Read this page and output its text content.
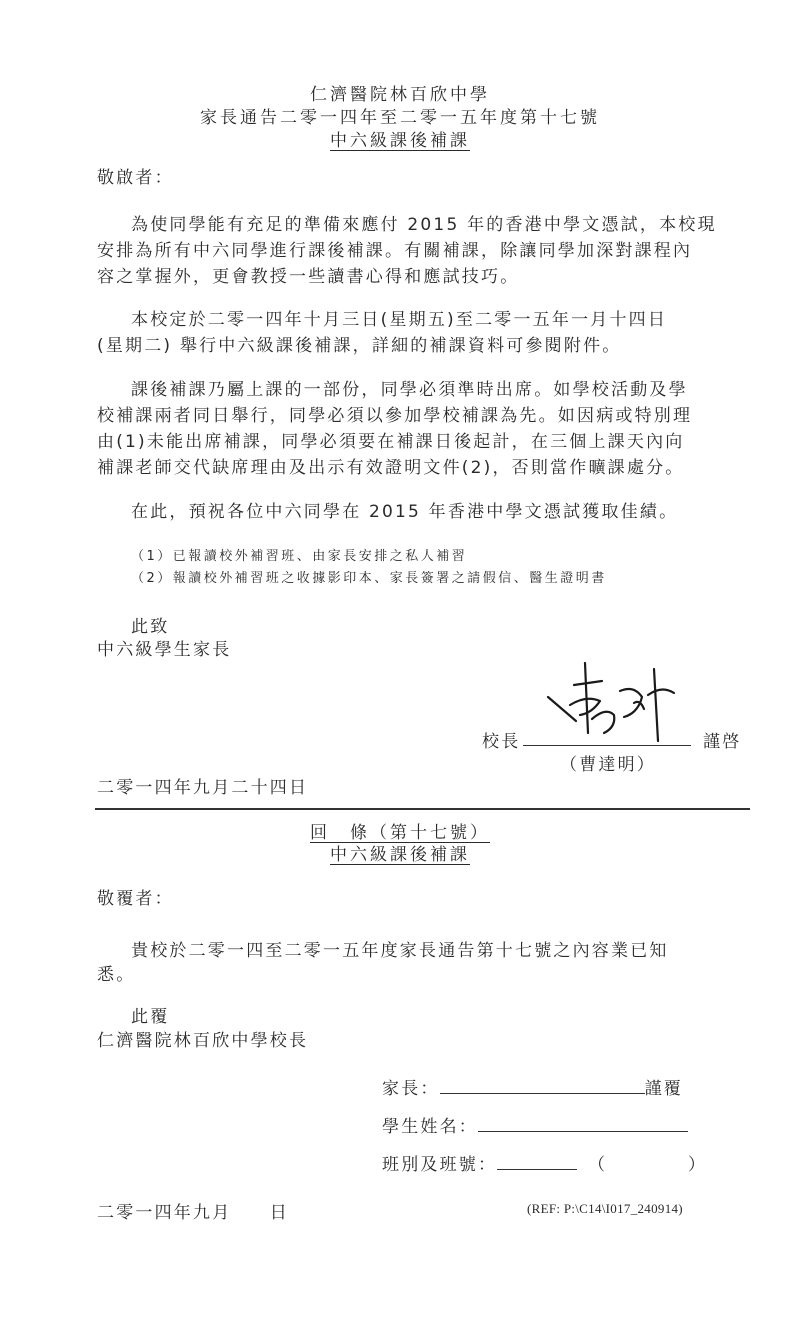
仁濟醫院林百欣中學
家長通告二零一四年至二零一五年度第十七號
中六級課後補課
敬啟者：
為使同學能有充足的準備來應付 2015 年的香港中學文憑試，本校現
安排為所有中六同學進行課後補課。有關補課，除讓同學加深對課程內
容之掌握外，更會教授一些讀書心得和應試技巧。
本校定於二零一四年十月三日(星期五)至二零一五年一月十四日
(星期二) 舉行中六級課後補課，詳細的補課資料可參閱附件。
課後補課乃屬上課的一部份，同學必須準時出席。如學校活動及學
校補課兩者同日舉行，同學必須以參加學校補課為先。如因病或特別理
由(1)未能出席補課，同學必須要在補課日後起計，在三個上課天內向
補課老師交代缺席理由及出示有效證明文件(2)，否則當作曠課處分。
在此，預祝各位中六同學在 2015 年香港中學文憑試獲取佳績。
（1）已報讀校外補習班、由家長安排之私人補習
（2）報讀校外補習班之收據影印本、家長簽署之請假信、醫生證明書
此致
中六級學生家長
校長	謹啓
（曹達明）
二零一四年九月二十四日
回　條（第十七號）
中六級課後補課
敬覆者：
貴校於二零一四至二零一五年度家長通告第十七號之內容業已知
悉。
此覆
仁濟醫院林百欣中學校長
家長：	謹覆
學生姓名：
班別及班號：	（	）
二零一四年九月　　日	(REF: P:\C14\I017_240914)
